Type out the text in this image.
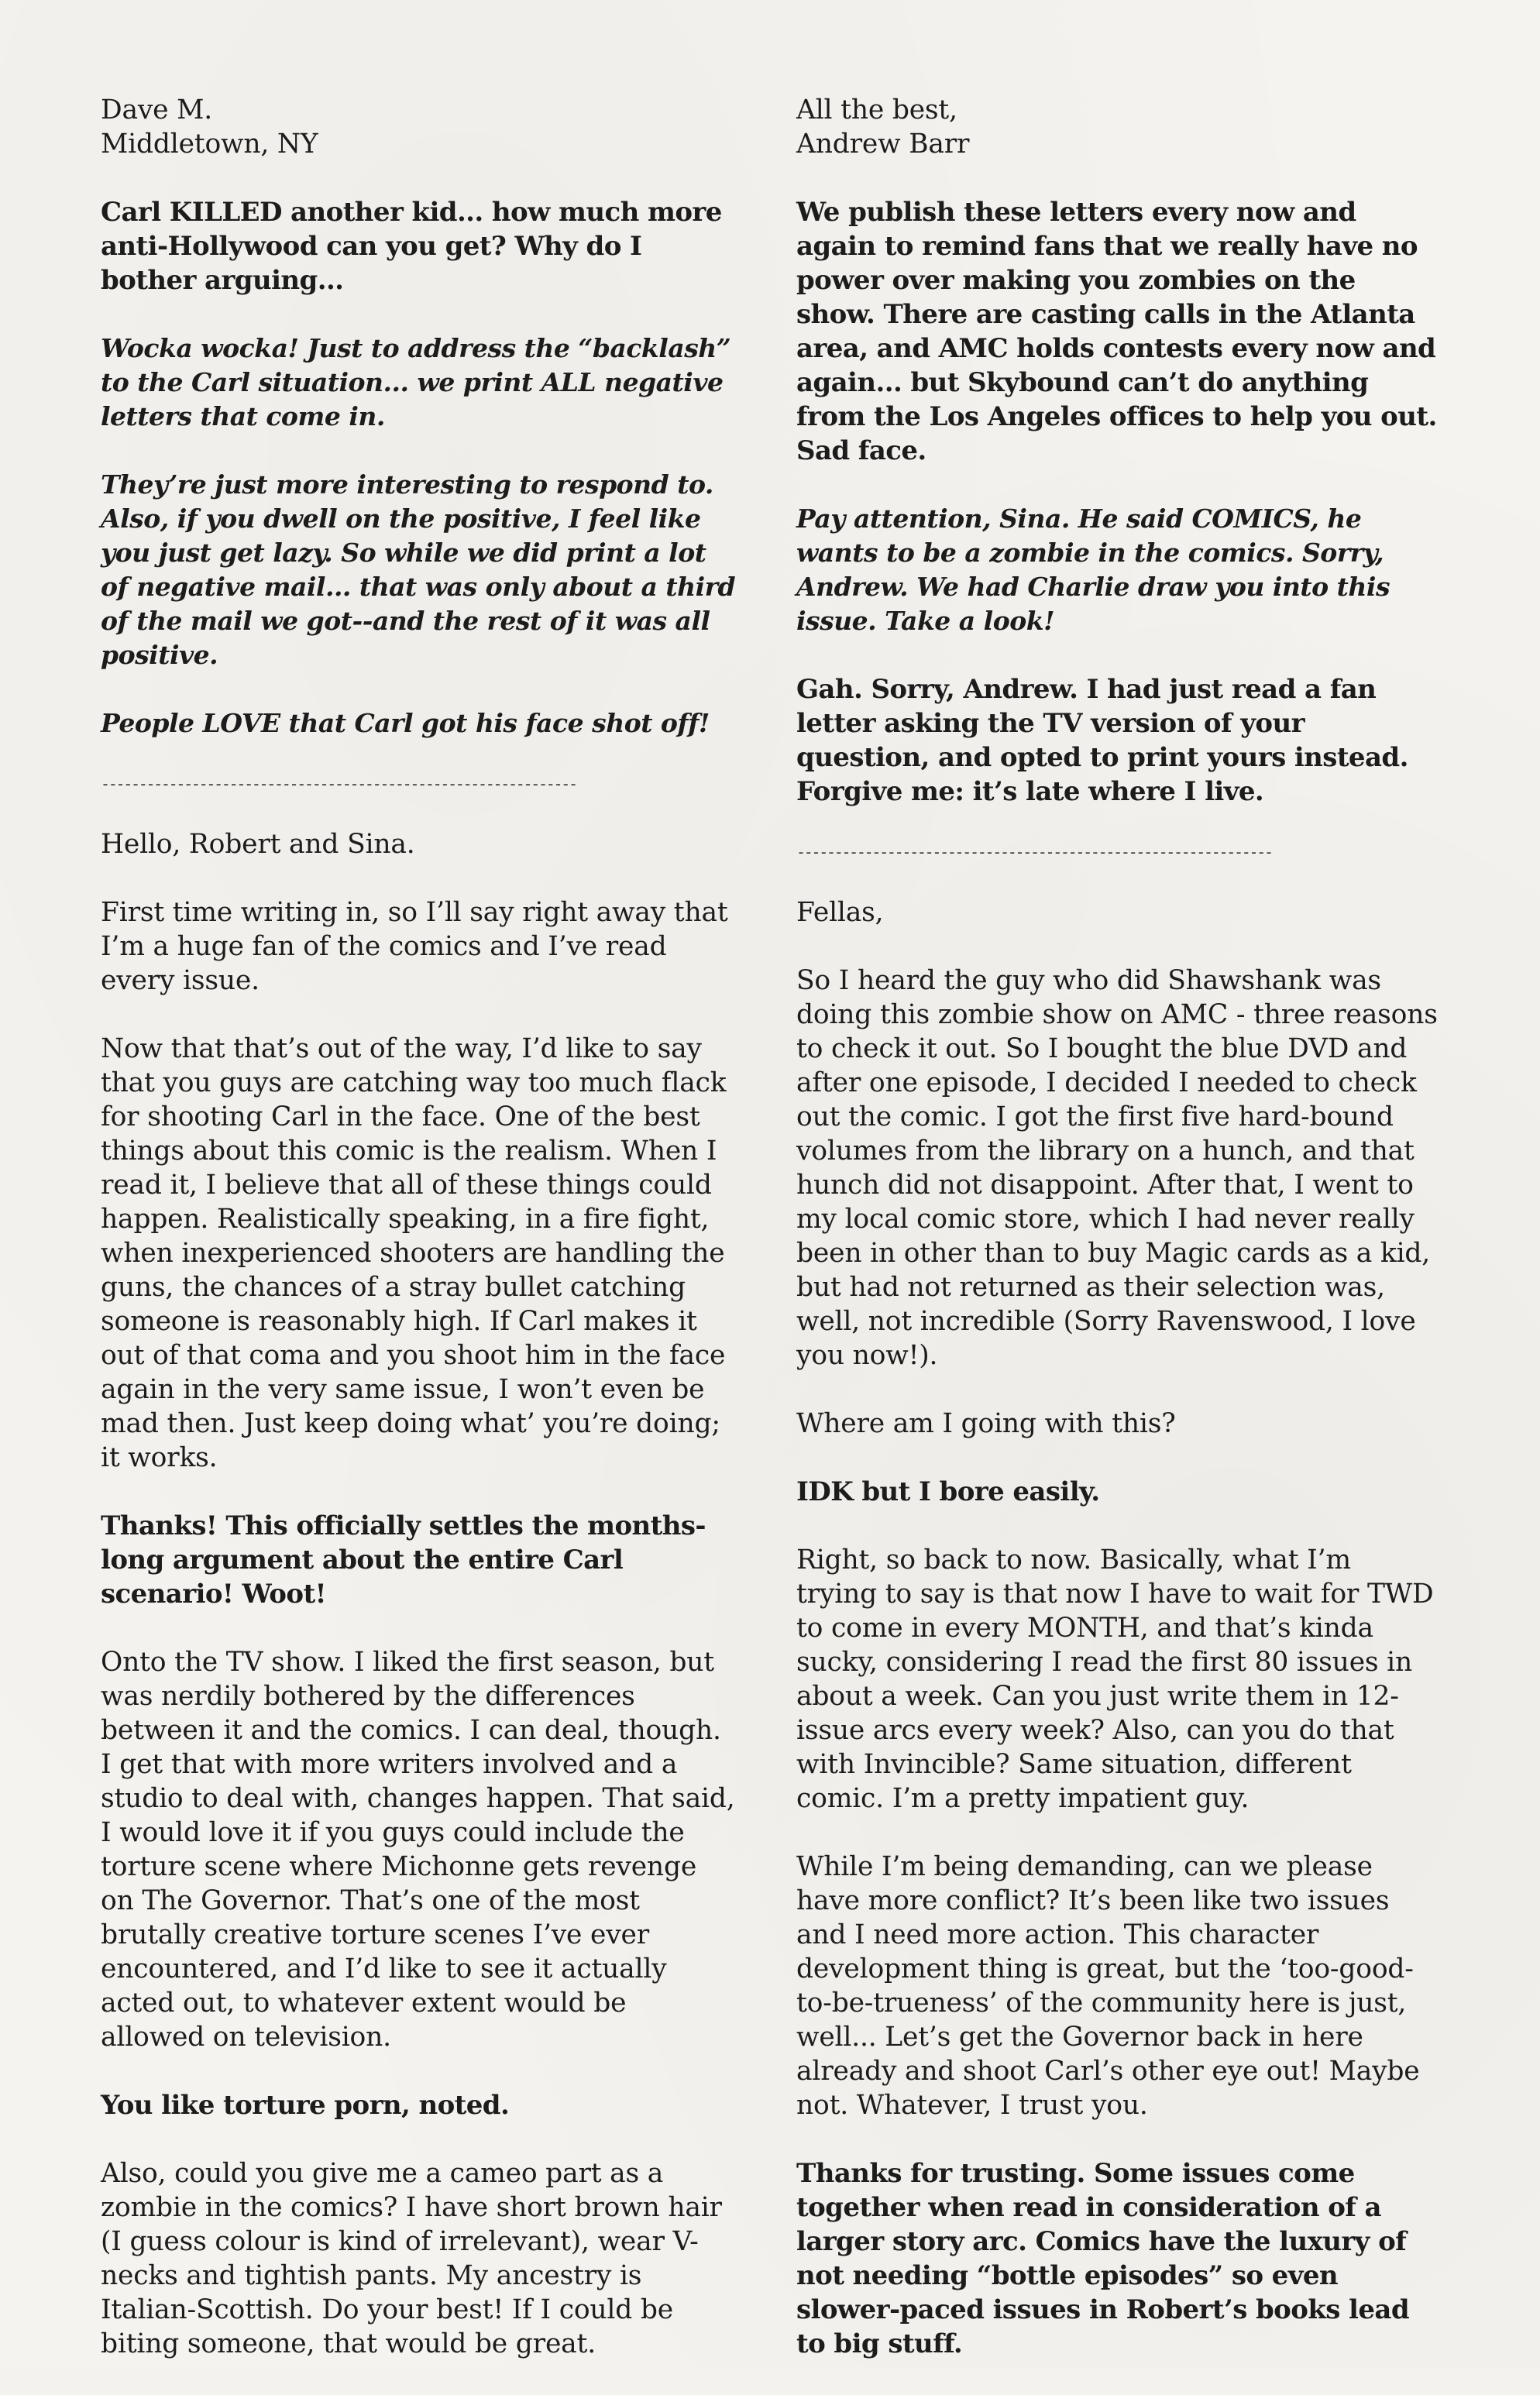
Dave M.
Middletown, NY
Carl KILLED another kid... how much more anti-Hollywood can you get? Why do I bother arguing...
Wocka wocka! Just to address the “backlash” to the Carl situation... we print ALL negative letters that come in.
They’re just more interesting to respond to. Also, if you dwell on the positive, I feel like you just get lazy. So while we did print a lot of negative mail... that was only about a third of the mail we got--and the rest of it was all positive.
People LOVE that Carl got his face shot off!
---------------------------------------------------------------
Hello, Robert and Sina.
First time writing in, so I’ll say right away that I’m a huge fan of the comics and I’ve read every issue.
Now that that’s out of the way, I’d like to say that you guys are catching way too much flack for shooting Carl in the face. One of the best things about this comic is the realism. When I read it, I believe that all of these things could happen. Realistically speaking, in a fire fight, when inexperienced shooters are handling the guns, the chances of a stray bullet catching someone is reasonably high. If Carl makes it out of that coma and you shoot him in the face again in the very same issue, I won’t even be mad then. Just keep doing what’ you’re doing; it works.
Thanks! This officially settles the months-long argument about the entire Carl scenario! Woot!
Onto the TV show. I liked the first season, but was nerdily bothered by the differences between it and the comics. I can deal, though. I get that with more writers involved and a studio to deal with, changes happen. That said, I would love it if you guys could include the torture scene where Michonne gets revenge on The Governor. That’s one of the most brutally creative torture scenes I’ve ever encountered, and I’d like to see it actually acted out, to whatever extent would be allowed on television.
You like torture porn, noted.
Also, could you give me a cameo part as a zombie in the comics? I have short brown hair (I guess colour is kind of irrelevant), wear V-necks and tightish pants. My ancestry is Italian-Scottish. Do your best! If I could be biting someone, that would be great.
All the best,
Andrew Barr
We publish these letters every now and again to remind fans that we really have no power over making you zombies on the show. There are casting calls in the Atlanta area, and AMC holds contests every now and again... but Skybound can’t do anything from the Los Angeles offices to help you out. Sad face.
Pay attention, Sina. He said COMICS, he wants to be a zombie in the comics. Sorry, Andrew. We had Charlie draw you into this issue. Take a look!
Gah. Sorry, Andrew. I had just read a fan letter asking the TV version of your question, and opted to print yours instead. Forgive me: it’s late where I live.
---------------------------------------------------------------
Fellas,
So I heard the guy who did Shawshank was doing this zombie show on AMC - three reasons to check it out. So I bought the blue DVD and after one episode, I decided I needed to check out the comic. I got the first five hard-bound volumes from the library on a hunch, and that hunch did not disappoint. After that, I went to my local comic store, which I had never really been in other than to buy Magic cards as a kid, but had not returned as their selection was, well, not incredible (Sorry Ravenswood, I love you now!).
Where am I going with this?
IDK but I bore easily.
Right, so back to now. Basically, what I’m trying to say is that now I have to wait for TWD to come in every MONTH, and that’s kinda sucky, considering I read the first 80 issues in about a week. Can you just write them in 12-issue arcs every week? Also, can you do that with Invincible? Same situation, different comic. I’m a pretty impatient guy.
While I’m being demanding, can we please have more conflict? It’s been like two issues and I need more action. This character development thing is great, but the ‘too-good-to-be-trueness’ of the community here is just, well... Let’s get the Governor back in here already and shoot Carl’s other eye out! Maybe not. Whatever, I trust you.
Thanks for trusting. Some issues come together when read in consideration of a larger story arc. Comics have the luxury of not needing “bottle episodes” so even slower-paced issues in Robert’s books lead to big stuff.
